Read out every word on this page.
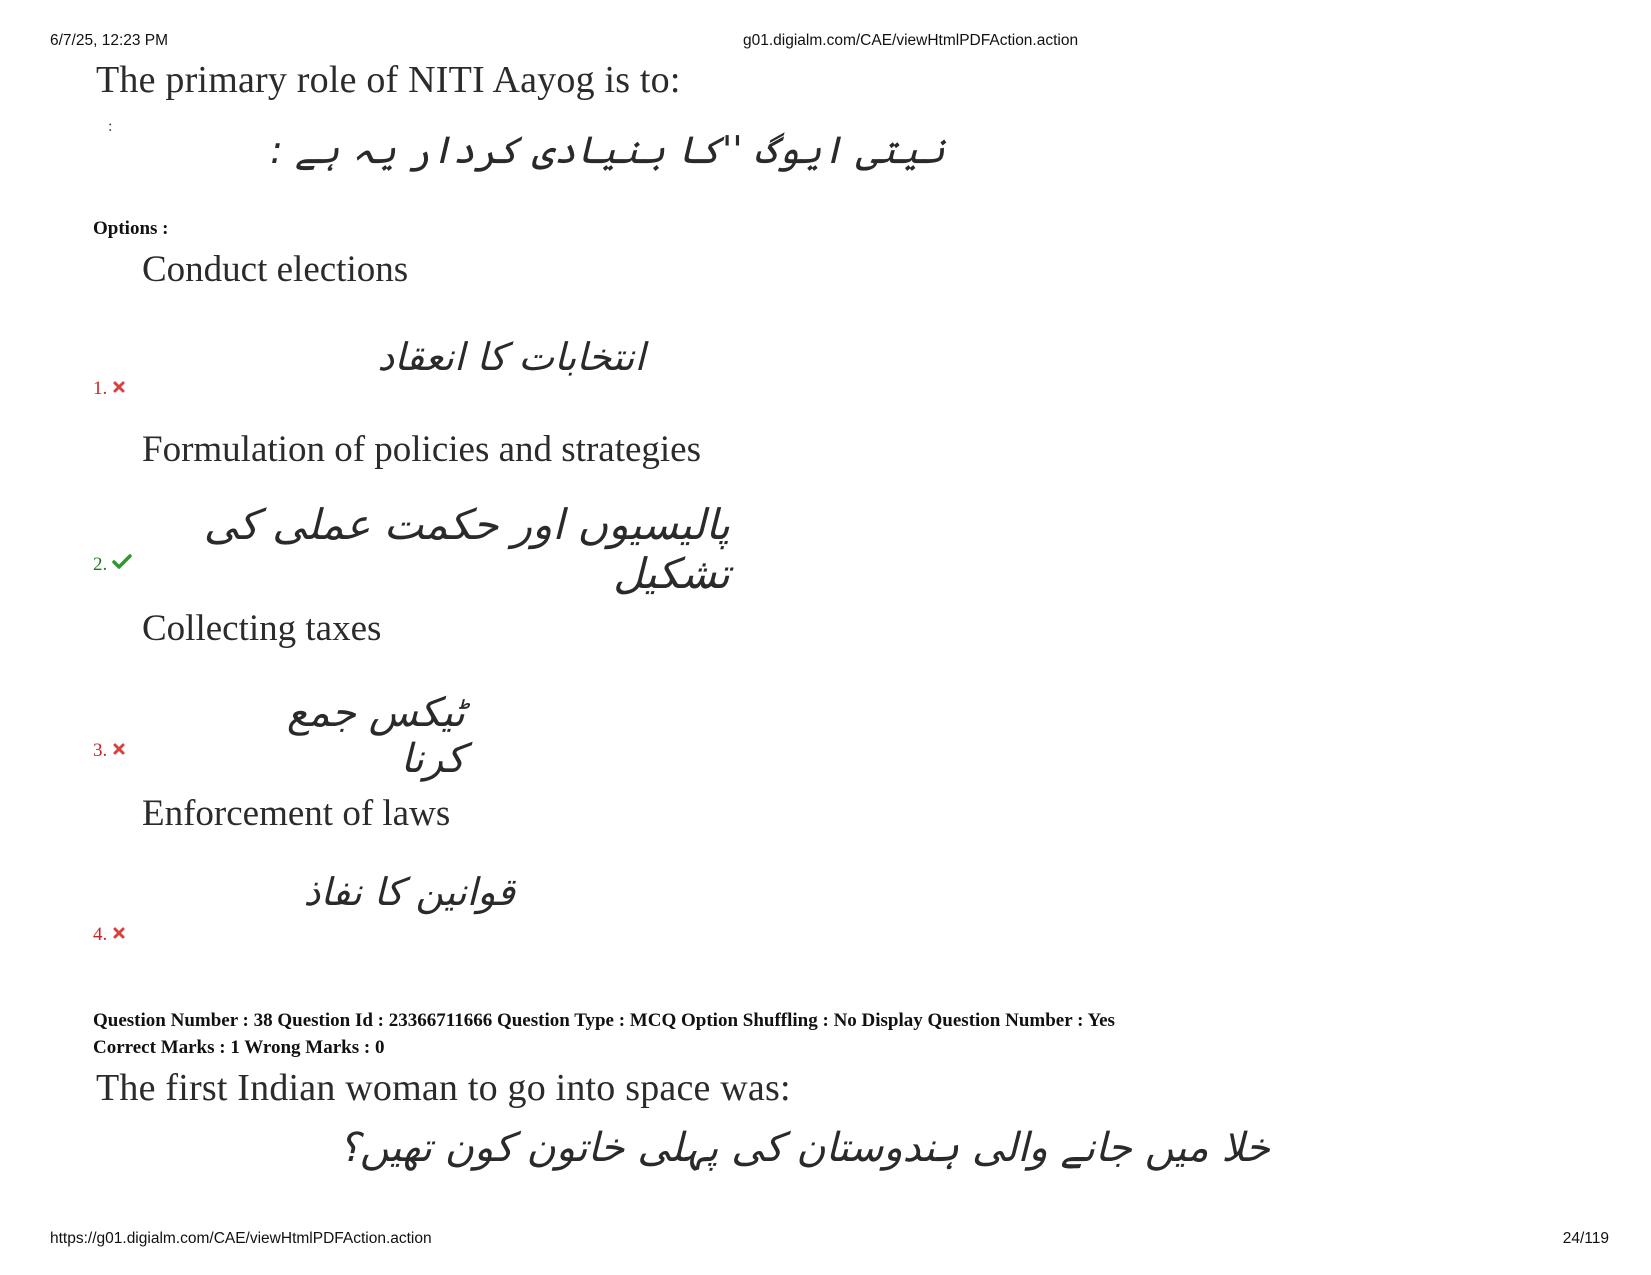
6/7/25, 12:23 PM	g01.digialm.com/CAE/viewHtmlPDFAction.action
The primary role of NITI Aayog is to:
:
نیتی ایوگ ''کا بنیادی کردار یہ ہے :
Options :
Conduct elections
انتخابات کا انعقاد
1.
Formulation of policies and strategies
پالیسیوں اور حکمت عملی کی تشکیل
2.
Collecting taxes
ٹیکس جمع کرنا
3.
Enforcement of laws
قوانین کا نفاذ
4.
Question Number : 38 Question Id : 23366711666 Question Type : MCQ Option Shuffling : No Display Question Number : Yes
Correct Marks : 1 Wrong Marks : 0
The first Indian woman to go into space was:
خلا میں جانے والی ہندوستان کی پہلی خاتون کون تھیں؟
https://g01.digialm.com/CAE/viewHtmlPDFAction.action	24/119
